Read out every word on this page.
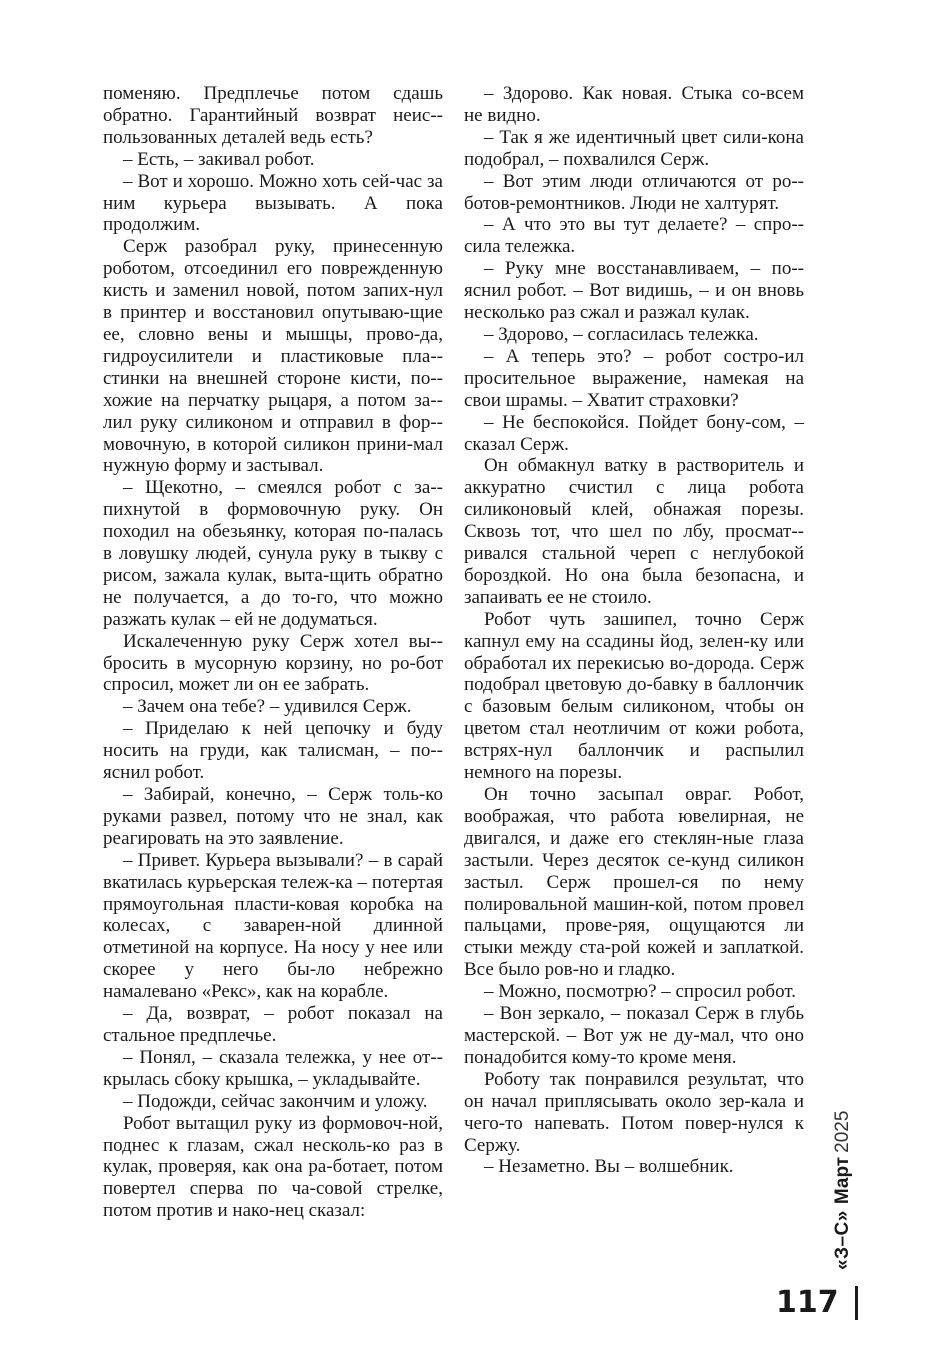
поменяю. Предплечье потом сдашь обратно. Гарантийный возврат неис-пользованных деталей ведь есть?

– Есть, – закивал робот.

– Вот и хорошо. Можно хоть сей-час за ним курьера вызывать. А пока продолжим.

Серж разобрал руку, принесенную роботом, отсоединил его поврежденную кисть и заменил новой, потом запих-нул в принтер и восстановил опутываю-щие ее, словно вены и мышцы, прово-да, гидроусилители и пластиковые пла-стинки на внешней стороне кисти, по-хожие на перчатку рыцаря, а потом за-лил руку силиконом и отправил в фор-мовочную, в которой силикон прини-мал нужную форму и застывал.

– Щекотно, – смеялся робот с за-пихнутой в формовочную руку. Он походил на обезьянку, которая по-палась в ловушку людей, сунула руку в тыкву с рисом, зажала кулак, выта-щить обратно не получается, а до то-го, что можно разжать кулак – ей не додуматься.

Искалеченную руку Серж хотел вы-бросить в мусорную корзину, но ро-бот спросил, может ли он ее забрать.

– Зачем она тебе? – удивился Серж.

– Приделаю к ней цепочку и буду носить на груди, как талисман, – по-яснил робот.

– Забирай, конечно, – Серж толь-ко руками развел, потому что не знал, как реагировать на это заявление.

– Привет. Курьера вызывали? – в сарай вкатилась курьерская тележ-ка – потертая прямоугольная пласти-ковая коробка на колесах, с заварен-ной длинной отметиной на корпусе. На носу у нее или скорее у него бы-ло небрежно намалевано «Рекс», как на корабле.

– Да, возврат, – робот показал на стальное предплечье.

– Понял, – сказала тележка, у нее от-крылась сбоку крышка, – укладывайте.

– Подожди, сейчас закончим и уложу.

Робот вытащил руку из формовоч-ной, поднес к глазам, сжал несколь-ко раз в кулак, проверяя, как она ра-ботает, потом повертел сперва по ча-совой стрелке, потом против и нако-нец сказал:

– Здорово. Как новая. Стыка со-всем не видно.

– Так я же идентичный цвет сили-кона подобрал, – похвалился Серж.

– Вот этим люди отличаются от ро-ботов-ремонтников. Люди не халтурят.

– А что это вы тут делаете? – спро-сила тележка.

– Руку мне восстанавливаем, – по-яснил робот. – Вот видишь, – и он вновь несколько раз сжал и разжал кулак.

– Здорово, – согласилась тележка.

– А теперь это? – робот состро-ил просительное выражение, намекая на свои шрамы. – Хватит страховки?

– Не беспокойся. Пойдет бону-сом, – сказал Серж.

Он обмакнул ватку в растворитель и аккуратно счистил с лица робота силиконовый клей, обнажая порезы. Сквозь тот, что шел по лбу, просмат-ривался стальной череп с неглубокой бороздкой. Но она была безопасна, и запаивать ее не стоило.

Робот чуть зашипел, точно Серж капнул ему на ссадины йод, зелен-ку или обработал их перекисью во-дорода. Серж подобрал цветовую до-бавку в баллончик с базовым белым силиконом, чтобы он цветом стал неотличим от кожи робота, встрях-нул баллончик и распылил немного на порезы.

Он точно засыпал овраг. Робот, воображая, что работа ювелирная, не двигался, и даже его стеклян-ные глаза застыли. Через десяток се-кунд силикон застыл. Серж прошел-ся по нему полировальной машин-кой, потом провел пальцами, прове-ряя, ощущаются ли стыки между ста-рой кожей и заплаткой. Все было ров-но и гладко.

– Можно, посмотрю? – спросил робот.

– Вон зеркало, – показал Серж в глубь мастерской. – Вот уж не ду-мал, что оно понадобится кому-то кроме меня.

Роботу так понравился результат, что он начал приплясывать около зер-кала и чего-то напевать. Потом повер-нулся к Сержу.

– Незаметно. Вы – волшебник.

«З–С»Март2025
117
